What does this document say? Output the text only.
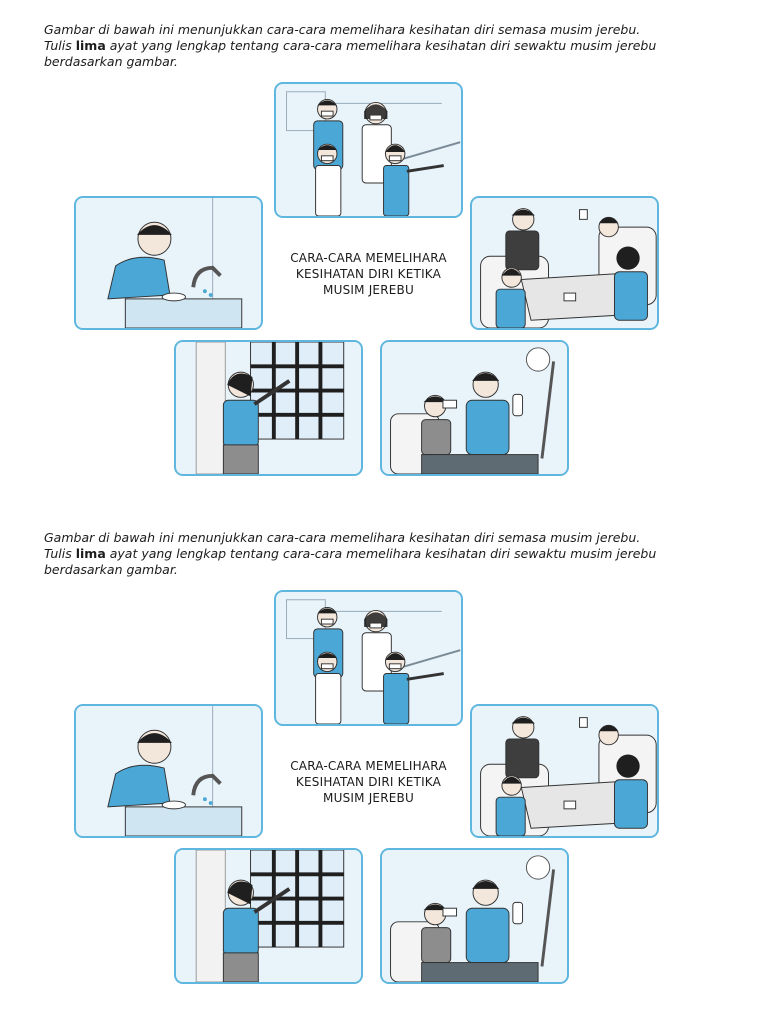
Gambar di bawah ini menunjukkan cara-cara memelihara kesihatan diri semasa musim jerebu.

Tulis lima ayat yang lengkap tentang cara-cara memelihara kesihatan diri sewaktu musim jerebu

berdasarkan gambar.

CARA-CARA MEMELIHARA
KESIHATAN DIRI KETIKA
MUSIM JEREBU

Gambar di bawah ini menunjukkan cara-cara memelihara kesihatan diri semasa musim jerebu.

Tulis lima ayat yang lengkap tentang cara-cara memelihara kesihatan diri sewaktu musim jerebu

berdasarkan gambar.

CARA-CARA MEMELIHARA
KESIHATAN DIRI KETIKA
MUSIM JEREBU
